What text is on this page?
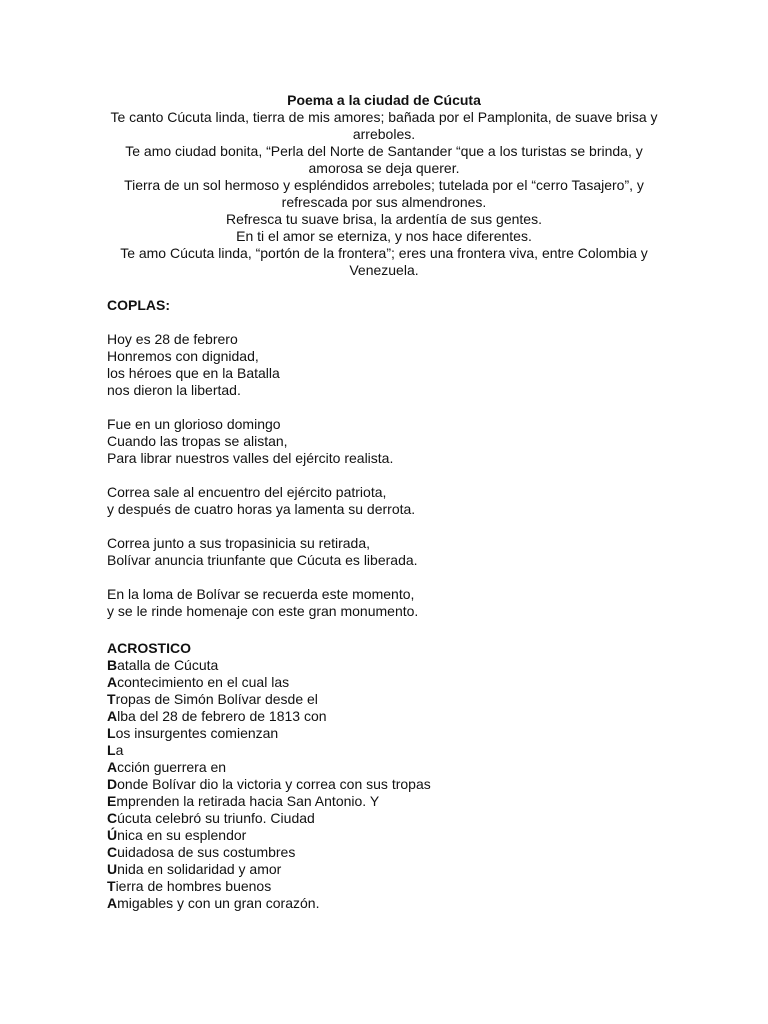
Poema a la ciudad de Cúcuta

Te canto Cúcuta linda, tierra de mis amores; bañada por el Pamplonita, de suave brisa y arreboles.

Te amo ciudad bonita, “Perla del Norte de Santander “que a los turistas se brinda, y amorosa se deja querer.

Tierra de un sol hermoso y espléndidos arreboles; tutelada por el “cerro Tasajero”, y refrescada por sus almendrones.

Refresca tu suave brisa, la ardentía de sus gentes.

En ti el amor se eterniza, y nos hace diferentes.

Te amo Cúcuta linda, “portón de la frontera”; eres una frontera viva, entre Colombia y Venezuela.

COPLAS:

Hoy es 28 de febrero

Honremos con dignidad,

los héroes que en la Batalla

nos dieron la libertad.

Fue en un glorioso domingo

Cuando las tropas se alistan,

Para librar nuestros valles del ejército realista.

Correa sale al encuentro del ejército patriota,

y después de cuatro horas ya lamenta su derrota.

Correa junto a sus tropasinicia su retirada,

Bolívar anuncia triunfante que Cúcuta es liberada.

En la loma de Bolívar se recuerda este momento,

y se le rinde homenaje con este gran monumento.

ACROSTICO

Batalla de Cúcuta

Acontecimiento en el cual las

Tropas de Simón Bolívar desde el

Alba del 28 de febrero de 1813 con

Los insurgentes comienzan

La

Acción guerrera en

Donde Bolívar dio la victoria y correa con sus tropas

Emprenden la retirada hacia San Antonio. Y

Cúcuta celebró su triunfo. Ciudad

Única en su esplendor

Cuidadosa de sus costumbres

Unida en solidaridad y amor

Tierra de hombres buenos

Amigables y con un gran corazón.
